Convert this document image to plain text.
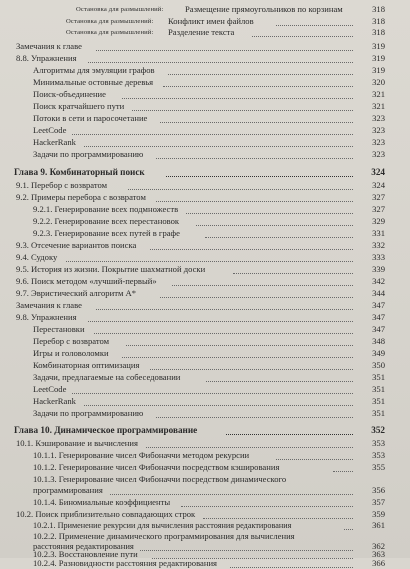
Остановка для размышлений:	Размещение прямоугольников по корзинам	318
Остановка для размышлений: Конфликт имен файлов	318
Остановка для размышлений: Разделение текста	318
Замечания к главе	319
8.8. Упражнения	319
Алгоритмы для эмуляции графов	319
Минимальные остовные деревья	320
Поиск-объединение	321
Поиск кратчайшего пути	321
Потоки в сети и паросочетание	323
LeetCode	323
HackerRank	323
Задачи по программированию	323
Глава 9. Комбинаторный поиск	324
9.1. Перебор с возвратом	324
9.2. Примеры перебора с возвратом	327
9.2.1. Генерирование всех подмножеств	327
9.2.2. Генерирование всех перестановок	329
9.2.3. Генерирование всех путей в графе	331
9.3. Отсечение вариантов поиска	332
9.4. Судоку	333
9.5. История из жизни. Покрытие шахматной доски	339
9.6. Поиск методом «лучший-первый»	342
9.7. Эвристический алгоритм A*	344
Замечания к главе	347
9.8. Упражнения	347
Перестановки	347
Перебор с возвратом	348
Игры и головоломки	349
Комбинаторная оптимизация	350
Задачи, предлагаемые на собеседовании	351
LeetCode	351
HackerRank	351
Задачи по программированию	351
Глава 10. Динамическое программирование	352
10.1. Кэширование и вычисления	353
10.1.1. Генерирование чисел Фибоначчи методом рекурсии	353
10.1.2. Генерирование чисел Фибоначчи посредством кэширования	355
10.1.3. Генерирование чисел Фибоначчи посредством динамического
программирования	356
10.1.4. Биномиальные коэффициенты	357
10.2. Поиск приблизительно совпадающих строк	359
10.2.1. Применение рекурсии для вычисления расстояния редактирования	361
10.2.2. Применение динамического программирования для вычисления
расстояния редактирования	362
10.2.3. Восстановление пути	363
10.2.4. Разновидности расстояния редактирования	366
